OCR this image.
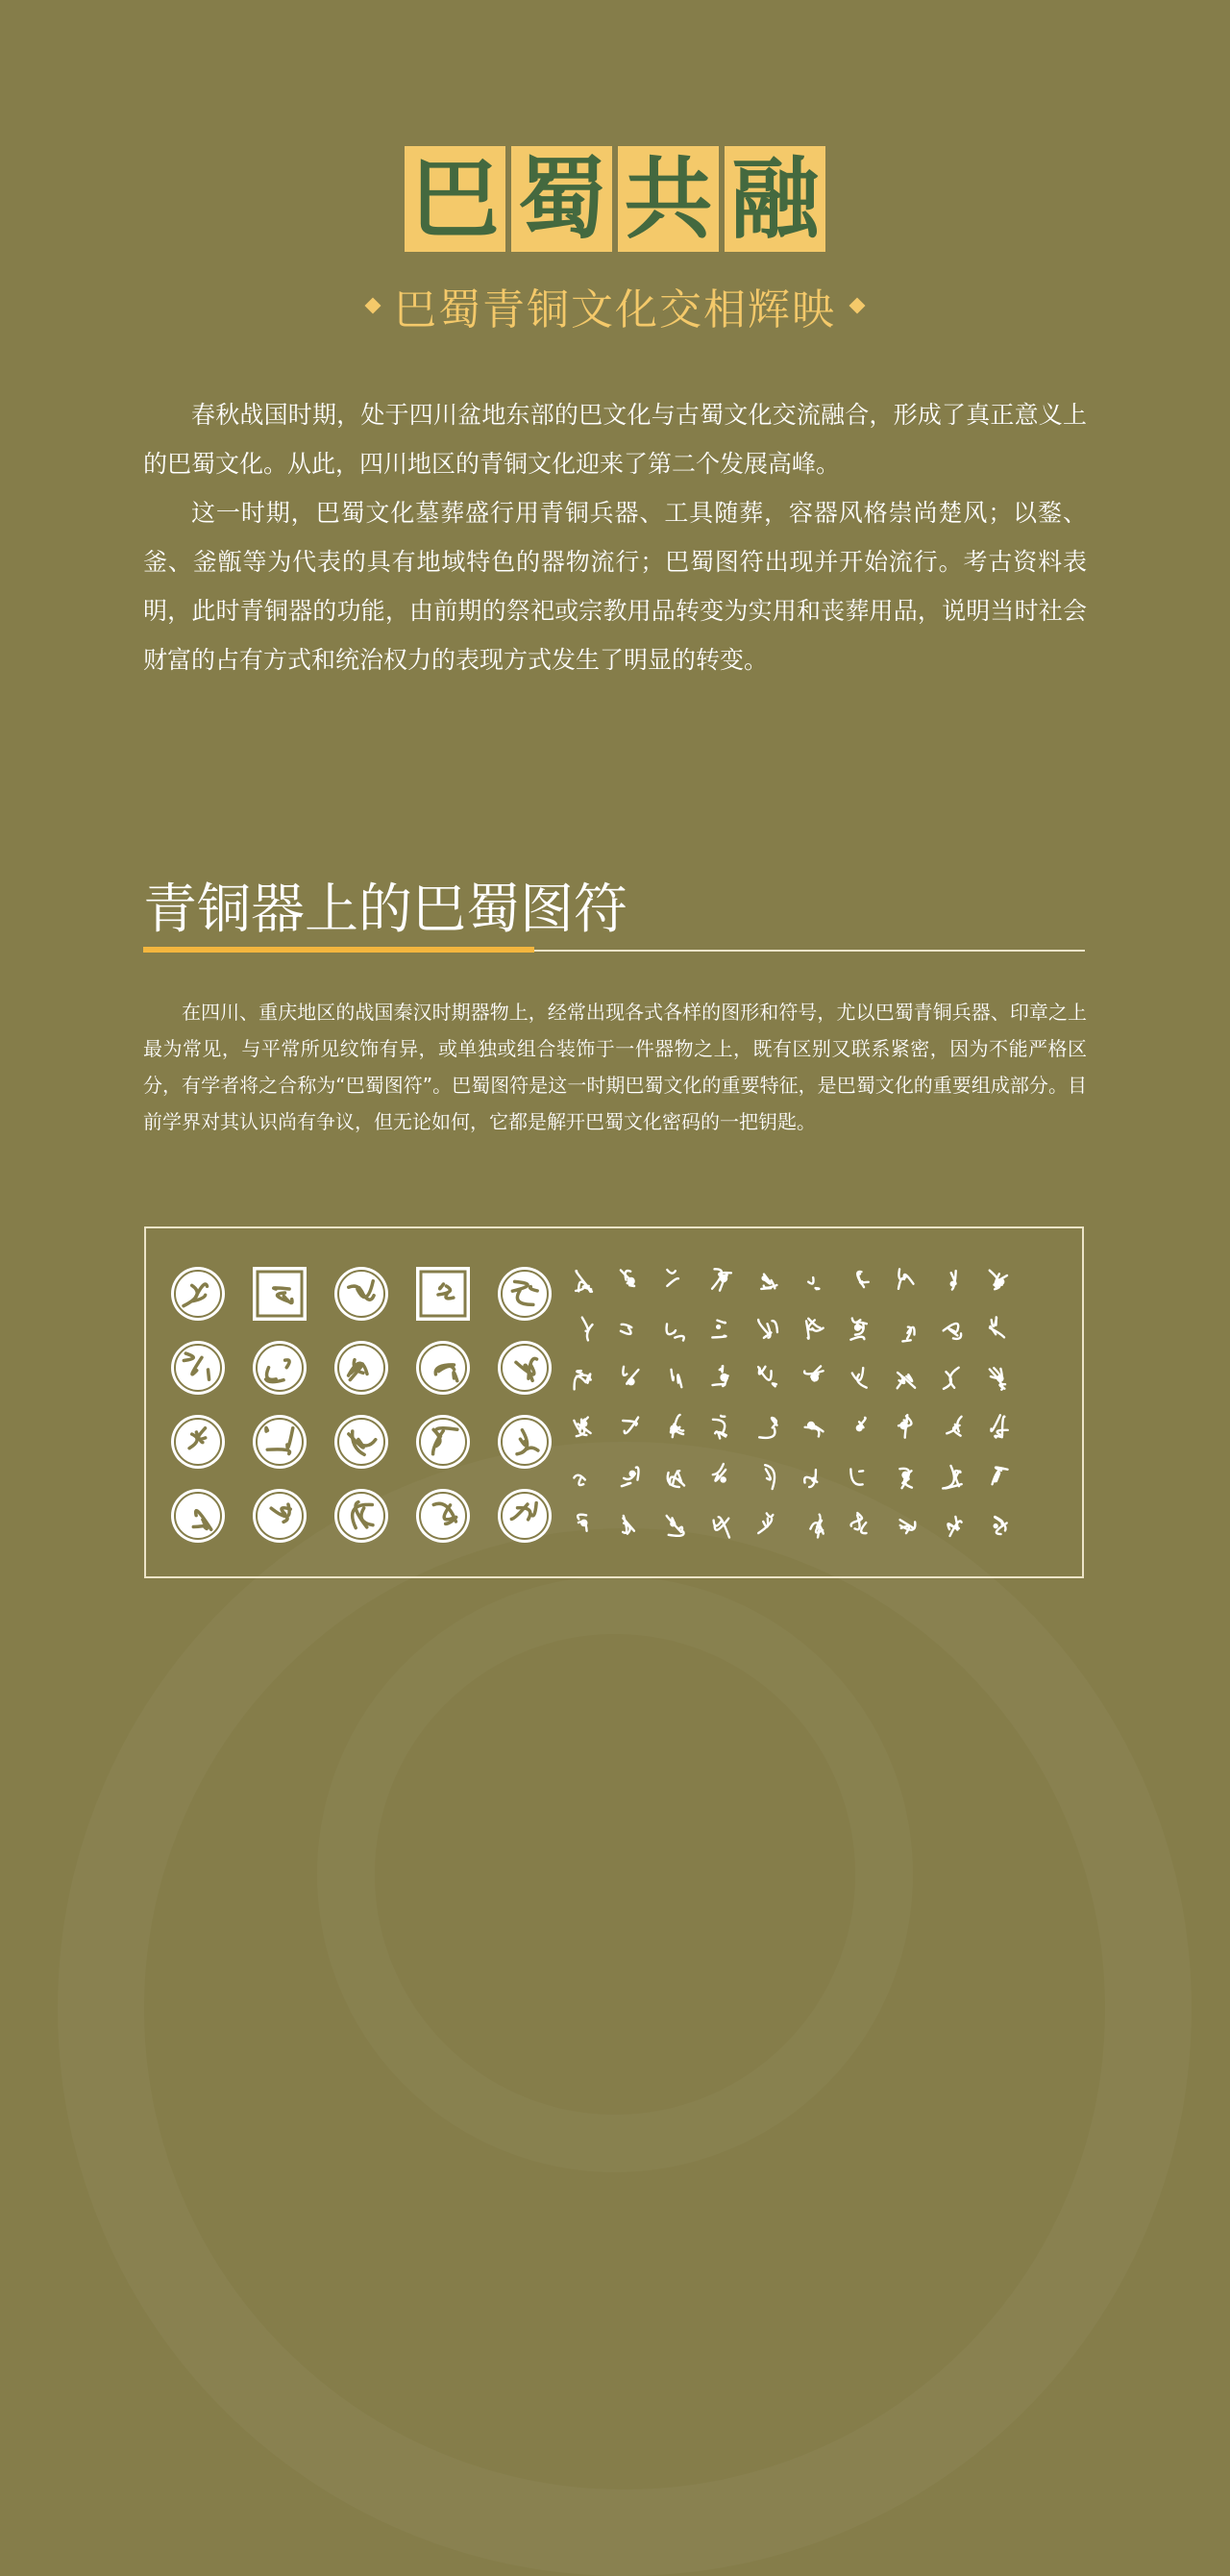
巴 蜀 共 融
巴蜀青铜文化交相辉映

春秋战国时期，处于四川盆地东部的巴文化与古蜀文化交流融合，形成了真正意义上的巴蜀文化。从此，四川地区的青铜文化迎来了第二个发展高峰。

这一时期，巴蜀文化墓葬盛行用青铜兵器、工具随葬，容器风格崇尚楚风；以鍪、釜、釜甑等为代表的具有地域特色的器物流行；巴蜀图符出现并开始流行。考古资料表明，此时青铜器的功能，由前期的祭祀或宗教用品转变为实用和丧葬用品，说明当时社会财富的占有方式和统治权力的表现方式发生了明显的转变。

青铜器上的巴蜀图符

在四川、重庆地区的战国秦汉时期器物上，经常出现各式各样的图形和符号，尤以巴蜀青铜兵器、印章之上最为常见，与平常所见纹饰有异，或单独或组合装饰于一件器物之上，既有区别又联系紧密，因为不能严格区分，有学者将之合称为“巴蜀图符”。巴蜀图符是这一时期巴蜀文化的重要特征，是巴蜀文化的重要组成部分。目前学界对其认识尚有争议，但无论如何，它都是解开巴蜀文化密码的一把钥匙。
